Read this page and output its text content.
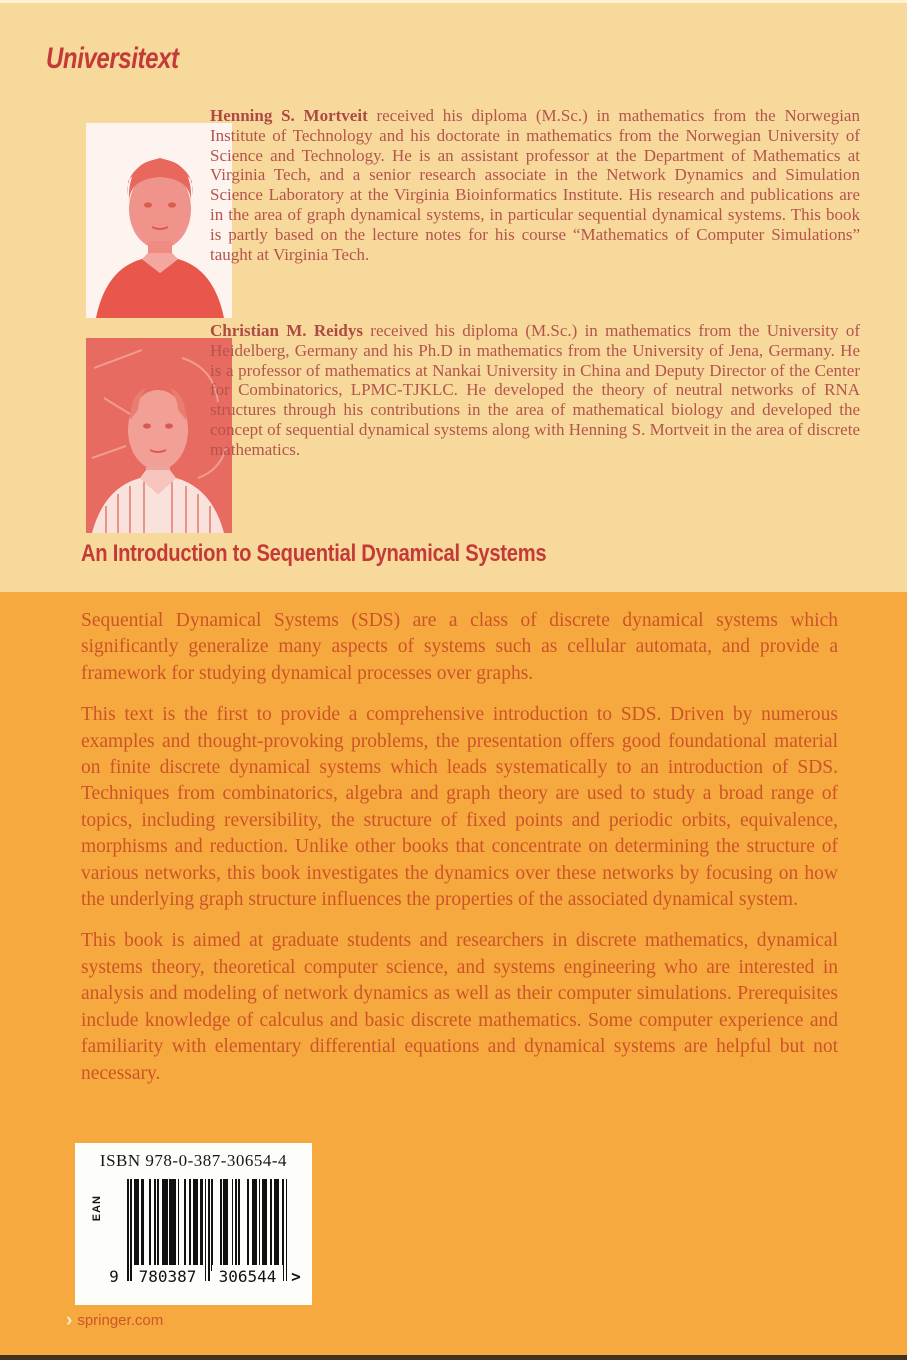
Universitext

Henning S. Mortveit received his diploma (M.Sc.) in mathematics from the Norwegian Institute of Technology and his doctorate in mathematics from the Norwegian University of Science and Technology. He is an assistant professor at the Department of Mathematics at Virginia Tech, and a senior research associate in the Network Dynamics and Simulation Science Laboratory at the Virginia Bioinformatics Institute. His research and publications are in the area of graph dynamical systems, in particular sequential dynamical systems. This book is partly based on the lecture notes for his course “Mathematics of Computer Simulations” taught at Virginia Tech.

Christian M. Reidys received his diploma (M.Sc.) in mathematics from the University of Heidelberg, Germany and his Ph.D in mathematics from the University of Jena, Germany. He is a professor of mathematics at Nankai University in China and Deputy Director of the Center for Combinatorics, LPMC-TJKLC. He developed the theory of neutral networks of RNA structures through his contributions in the area of mathematical biology and developed the concept of sequential dynamical systems along with Henning S. Mortveit in the area of discrete mathematics.

An Introduction to Sequential Dynamical Systems

Sequential Dynamical Systems (SDS) are a class of discrete dynamical systems which significantly generalize many aspects of systems such as cellular automata, and provide a framework for studying dynamical processes over graphs.

This text is the first to provide a comprehensive introduction to SDS. Driven by numerous examples and thought-provoking problems, the presentation offers good foundational material on finite discrete dynamical systems which leads systematically to an introduction of SDS. Techniques from combinatorics, algebra and graph theory are used to study a broad range of topics, including reversibility, the structure of fixed points and periodic orbits, equivalence, morphisms and reduction. Unlike other books that concentrate on determining the structure of various networks, this book investigates the dynamics over these networks by focusing on how the underlying graph structure influences the properties of the associated dynamical system.

This book is aimed at graduate students and researchers in discrete mathematics, dynamical systems theory, theoretical computer science, and systems engineering who are interested in analysis and modeling of network dynamics as well as their computer simulations. Prerequisites include knowledge of calculus and basic discrete mathematics. Some computer experience and familiarity with elementary differential equations and dynamical systems are helpful but not necessary.

ISBN 978-0-387-30654-4
EAN
9	780387	306544 >
› springer.com
